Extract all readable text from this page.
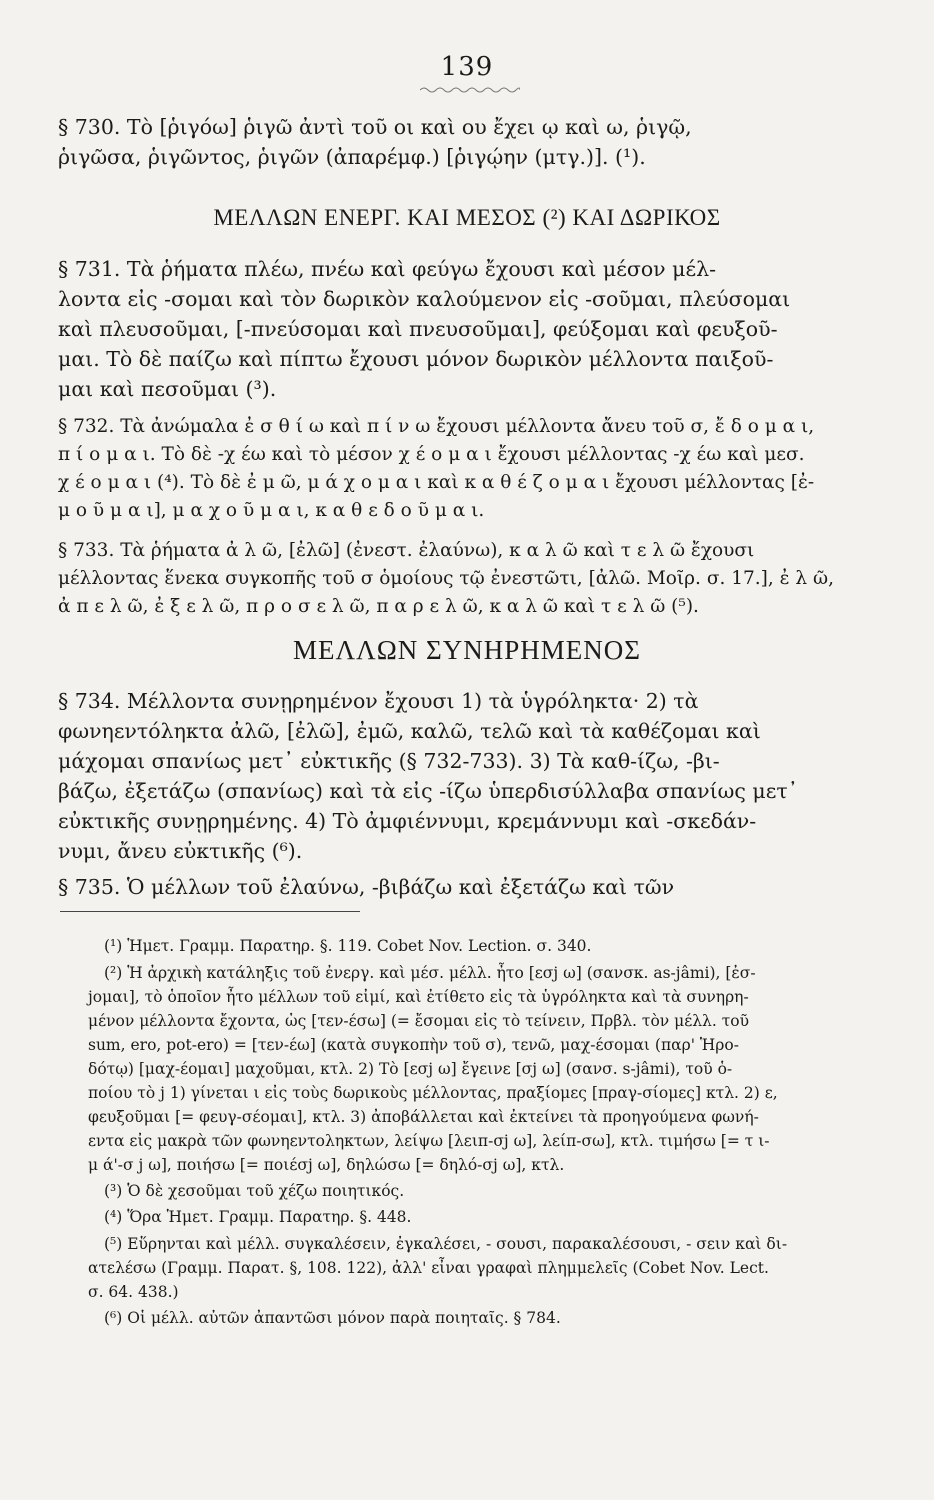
139
§ 730. Τὸ [ῥιγόω] ῥιγῶ ἀντὶ τοῦ οι καὶ ου ἔχει ῳ καὶ ω, ῥιγῷ,
ῥιγῶσα, ῥιγῶντος, ῥιγῶν (ἀπαρέμφ.) [ῥιγῴην (μτγ.)]. (¹).
ΜΕΛΛΩΝ ΕΝΕΡΓ. ΚΑΙ ΜΕΣΟΣ (²) ΚΑΙ ΔΩΡΙΚΟΣ
§ 731. Τὰ ῥήματα πλέω, πνέω καὶ φεύγω ἔχουσι καὶ μέσον μέλ-
λοντα εἰς -σομαι καὶ τὸν δωρικὸν καλούμενον εἰς -σοῦμαι, πλεύσομαι
καὶ πλευσοῦμαι, [-πνεύσομαι καὶ πνευσοῦμαι], φεύξομαι καὶ φευξοῦ-
μαι. Τὸ δὲ παίζω καὶ πίπτω ἔχουσι μόνον δωρικὸν μέλλοντα παιξοῦ-
μαι καὶ πεσοῦμαι (³).
§ 732. Τὰ ἀνώμαλα ἐ σ θ ί ω καὶ π ί ν ω ἔχουσι μέλλοντα ἄνευ τοῦ σ, ἔ δ ο μ α ι,
π ί ο μ α ι. Τὸ δὲ -χ έω καὶ τὸ μέσον χ έ ο μ α ι ἔχουσι μέλλοντας -χ έω καὶ μεσ.
χ έ ο μ α ι (⁴). Τὸ δὲ ἐ μ ῶ, μ ά χ ο μ α ι καὶ κ α θ έ ζ ο μ α ι ἔχουσι μέλλοντας [ἐ-
μ ο ῦ μ α ι], μ α χ ο ῦ μ α ι, κ α θ ε δ ο ῦ μ α ι.
§ 733. Τὰ ῥήματα ἀ λ ῶ, [ἐλῶ] (ἐνεστ. ἐλαύνω), κ α λ ῶ καὶ τ ε λ ῶ ἔχουσι
μέλλοντας ἕνεκα συγκοπῆς τοῦ σ ὁμοίους τῷ ἐνεστῶτι, [ἀλῶ. Μοῖρ. σ. 17.], ἐ λ ῶ,
ἀ π ε λ ῶ, ἐ ξ ε λ ῶ, π ρ ο σ ε λ ῶ, π α ρ ε λ ῶ, κ α λ ῶ καὶ τ ε λ ῶ (⁵).
ΜΕΛΛΩΝ ΣΥΝΗΡΗΜΕΝΟΣ
§ 734. Μέλλοντα συνῃρημένον ἔχουσι 1) τὰ ὑγρόληκτα· 2) τὰ
φωνηεντόληκτα ἀλῶ, [ἐλῶ], ἐμῶ, καλῶ, τελῶ καὶ τὰ καθέζομαι καὶ
μάχομαι σπανίως μετ᾽ εὐκτικῆς (§ 732-733). 3) Τὰ καθ-ίζω, -βι-
βάζω, ἐξετάζω (σπανίως) καὶ τὰ εἰς -ίζω ὑπερδισύλλαβα σπανίως μετ᾽
εὐκτικῆς συνῃρημένης. 4) Τὸ ἀμφιέννυμι, κρεμάννυμι καὶ -σκεδάν-
νυμι, ἄνευ εὐκτικῆς (⁶).
§ 735. Ὁ μέλλων τοῦ ἐλαύνω, -βιβάζω καὶ ἐξετάζω καὶ τῶν
(¹) Ἡμετ. Γραμμ. Παρατηρ. §. 119. Cobet Nov. Lection. σ. 340.
(²) Ἡ ἀρχικὴ κατάληξις τοῦ ἐνεργ. καὶ μέσ. μέλλ. ἦτο [εσj ω] (σανσκ. as-jâmi), [ἐσ-
jομαι], τὸ ὁποῖον ἦτο μέλλων τοῦ εἰμί, καὶ ἐτίθετο εἰς τὰ ὑγρόληκτα καὶ τὰ συνηρη-
μένον μέλλοντα ἔχοντα, ὡς [τεν-έσω] (= ἔσομαι εἰς τὸ τείνειν, Πρβλ. τὸν μέλλ. τοῦ
sum, ero, pot-ero) = [τεν-έω] (κατὰ συγκοπὴν τοῦ σ), τενῶ, μαχ-έσομαι (παρ' Ἡρο-
δότῳ) [μαχ-έομαι] μαχοῦμαι, κτλ. 2) Τὸ [εσj ω] ἔγεινε [σj ω] (σανσ. s-jâmi), τοῦ ὁ-
ποίου τὸ j 1) γίνεται ι εἰς τοὺς δωρικοὺς μέλλοντας, πραξίομες [πραγ-σίομες] κτλ. 2) ε,
φευξοῦμαι [= φευγ-σέομαι], κτλ. 3) ἀποβάλλεται καὶ ἐκτείνει τὰ προηγούμενα φωνή-
εντα εἰς μακρὰ τῶν φωνηεντοληκτων, λείψω [λειπ-σj ω], λείπ-σω], κτλ. τιμήσω [= τ ι-
μ ά'-σ j ω], ποιήσω [= ποιέσj ω], δηλώσω [= δηλό-σj ω], κτλ.
(³) Ὁ δὲ χεσοῦμαι τοῦ χέζω ποιητικός.
(⁴) Ὅρα Ἡμετ. Γραμμ. Παρατηρ. §. 448.
(⁵) Εὕρηνται καὶ μέλλ. συγκαλέσειν, ἐγκαλέσει, - σουσι, παρακαλέσουσι, - σειν καὶ δι-
ατελέσω (Γραμμ. Παρατ. §, 108. 122), ἀλλ' εἶναι γραφαὶ πλημμελεῖς (Cobet Nov. Lect.
σ. 64. 438.)
(⁶) Οἱ μέλλ. αὐτῶν ἀπαντῶσι μόνον παρὰ ποιηταῖς. § 784.
